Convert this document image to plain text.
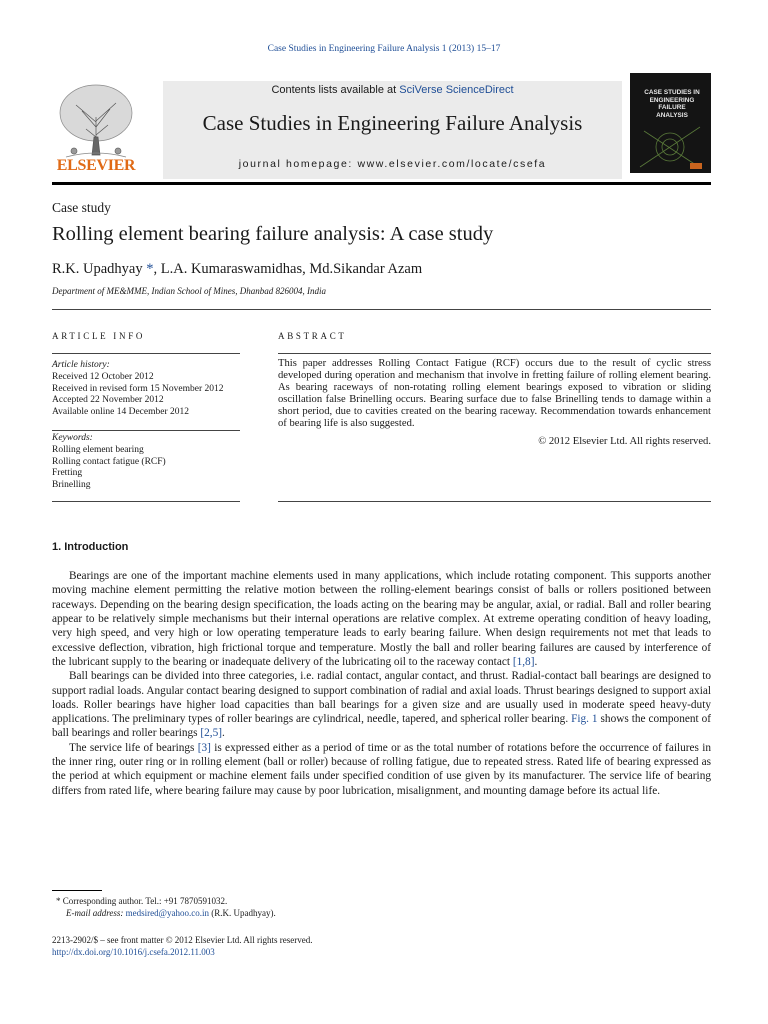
Case Studies in Engineering Failure Analysis 1 (2013) 15–17
ELSEVIER
Contents lists available at SciVerse ScienceDirect
Case Studies in Engineering Failure Analysis
journal homepage: www.elsevier.com/locate/csefa
CASE STUDIES IN
ENGINEERING
FAILURE
ANALYSIS
Case study
Rolling element bearing failure analysis: A case study
R.K. Upadhyay *, L.A. Kumaraswamidhas, Md.Sikandar Azam
Department of ME&MME, Indian School of Mines, Dhanbad 826004, India
ARTICLE INFO	ABSTRACT
Article history:
Received 12 October 2012
Received in revised form 15 November 2012
Accepted 22 November 2012
Available online 14 December 2012
Keywords:
Rolling element bearing
Rolling contact fatigue (RCF)
Fretting
Brinelling
This paper addresses Rolling Contact Fatigue (RCF) occurs due to the result of cyclic stress developed during operation and mechanism that involve in fretting failure of rolling element bearing. As bearing raceways of non-rotating rolling element bearings exposed to vibration or sliding oscillation false Brinelling occurs. Bearing surface due to false Brinelling tends to damage within a short period, due to cavities created on the bearing raceway. Recommendation towards enhancement of bearing life is also suggested.
© 2012 Elsevier Ltd. All rights reserved.
1. Introduction

Bearings are one of the important machine elements used in many applications, which include rotating component. This supports another moving machine element permitting the relative motion between the rolling-element bearings consist of balls or rollers positioned between raceways. Depending on the bearing design specification, the loads acting on the bearing may be angular, axial, or radial. Ball and roller bearing appear to be relatively simple mechanisms but their internal operations are relative complex. At extreme operating condition of heavy loading, very high speed, and very high or low operating temperature leads to early bearing failure. When design requirements not met that leads to excessive deflection, vibration, high frictional torque and temperature. Mostly the ball and roller bearing failures are caused by interference of the lubricant supply to the bearing or inadequate delivery of the lubricating oil to the raceway contact [1,8].

Ball bearings can be divided into three categories, i.e. radial contact, angular contact, and thrust. Radial-contact ball bearings are designed to support radial loads. Angular contact bearing designed to support combination of radial and axial loads. Thrust bearings designed to support axial loads. Roller bearings have higher load capacities than ball bearings for a given size and are usually used in moderate speed heavy-duty applications. The preliminary types of roller bearings are cylindrical, needle, tapered, and spherical roller bearing. Fig. 1 shows the component of ball bearings and roller bearings [2,5].

The service life of bearings [3] is expressed either as a period of time or as the total number of rotations before the occurrence of failures in the inner ring, outer ring or in rolling element (ball or roller) because of rolling fatigue, due to repeated stress. Rated life of bearing expressed as the period at which equipment or machine element fails under specified condition of use given by its manufacturer. The service life of bearing differs from rated life, where bearing failure may cause by poor lubrication, misalignment, and mounting damage before its actual life.

* Corresponding author. Tel.: +91 7870591032.
E-mail address: medsired@yahoo.co.in (R.K. Upadhyay).
2213-2902/$ – see front matter © 2012 Elsevier Ltd. All rights reserved.
http://dx.doi.org/10.1016/j.csefa.2012.11.003
